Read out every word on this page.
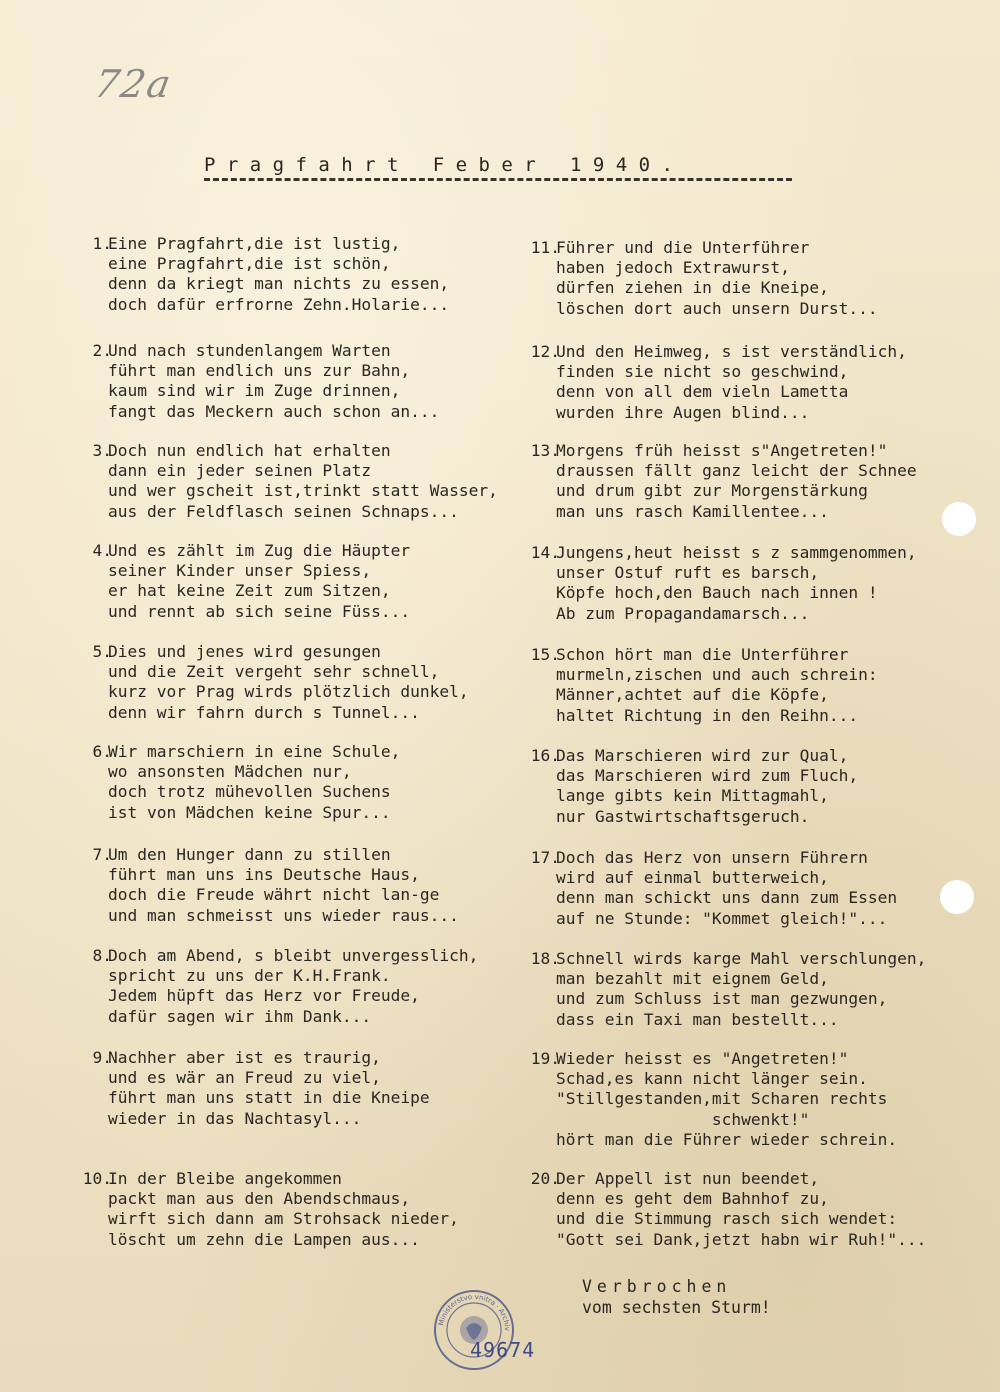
72a
P r a g f a h r t   F e b e r   1 9 4 0 .
1.
Eine Pragfahrt,die ist lustig,
eine Pragfahrt,die ist schön,
denn da kriegt man nichts zu essen,
doch dafür erfrorne Zehn.Holarie...
2.
Und nach stundenlangem Warten
führt man endlich uns zur Bahn,
kaum sind wir im Zuge drinnen,
fangt das Meckern auch schon an...
3.
Doch nun endlich hat erhalten
dann ein jeder seinen Platz
und wer gscheit ist,trinkt statt Wasser,
aus der Feldflasch seinen Schnaps...
4.
Und es zählt im Zug die Häupter
seiner Kinder unser Spiess,
er hat keine Zeit zum Sitzen,
und rennt ab sich seine Füss...
5.
Dies und jenes wird gesungen
und die Zeit vergeht sehr schnell,
kurz vor Prag wirds plötzlich dunkel,
denn wir fahrn durch s Tunnel...
6.
Wir marschiern in eine Schule,
wo ansonsten Mädchen nur,
doch trotz mühevollen Suchens
ist von Mädchen keine Spur...
7.
Um den Hunger dann zu stillen
führt man uns ins Deutsche Haus,
doch die Freude währt nicht lan-ge
und man schmeisst uns wieder raus...
8.
Doch am Abend, s bleibt unvergesslich,
spricht zu uns der K.H.Frank.
Jedem hüpft das Herz vor Freude,
dafür sagen wir ihm Dank...
9.
Nachher aber ist es traurig,
und es wär an Freud zu viel,
führt man uns statt in die Kneipe
wieder in das Nachtasyl...
10.
In der Bleibe angekommen
packt man aus den Abendschmaus,
wirft sich dann am Strohsack nieder,
löscht um zehn die Lampen aus...
11.
Führer und die Unterführer
haben jedoch Extrawurst,
dürfen ziehen in die Kneipe,
löschen dort auch unsern Durst...
12.
Und den Heimweg, s ist verständlich,
finden sie nicht so geschwind,
denn von all dem vieln Lametta
wurden ihre Augen blind...
13.
Morgens früh heisst s"Angetreten!"
draussen fällt ganz leicht der Schnee
und drum gibt zur Morgenstärkung
man uns rasch Kamillentee...
14.
Jungens,heut heisst s z sammgenommen,
unser Ostuf ruft es barsch,
Köpfe hoch,den Bauch nach innen !
Ab zum Propagandamarsch...
15.
Schon hört man die Unterführer
murmeln,zischen und auch schrein:
Männer,achtet auf die Köpfe,
haltet Richtung in den Reihn...
16.
Das Marschieren wird zur Qual,
das Marschieren wird zum Fluch,
lange gibts kein Mittagmahl,
nur Gastwirtschaftsgeruch.
17.
Doch das Herz von unsern Führern
wird auf einmal butterweich,
denn man schickt uns dann zum Essen
auf ne Stunde: "Kommet gleich!"...
18.
Schnell wirds karge Mahl verschlungen,
man bezahlt mit eignem Geld,
und zum Schluss ist man gezwungen,
dass ein Taxi man bestellt...
19.
Wieder heisst es "Angetreten!"
Schad,es kann nicht länger sein.
"Stillgestanden,mit Scharen rechts
schwenkt!"
hört man die Führer wieder schrein.
20.
Der Appell ist nun beendet,
denn es geht dem Bahnhof zu,
und die Stimmung rasch sich wendet:
"Gott sei Dank,jetzt habn wir Ruh!"...
Verbrochen
vom sechsten Sturm!
Ministerstvo vnitra · Archiv
49674
